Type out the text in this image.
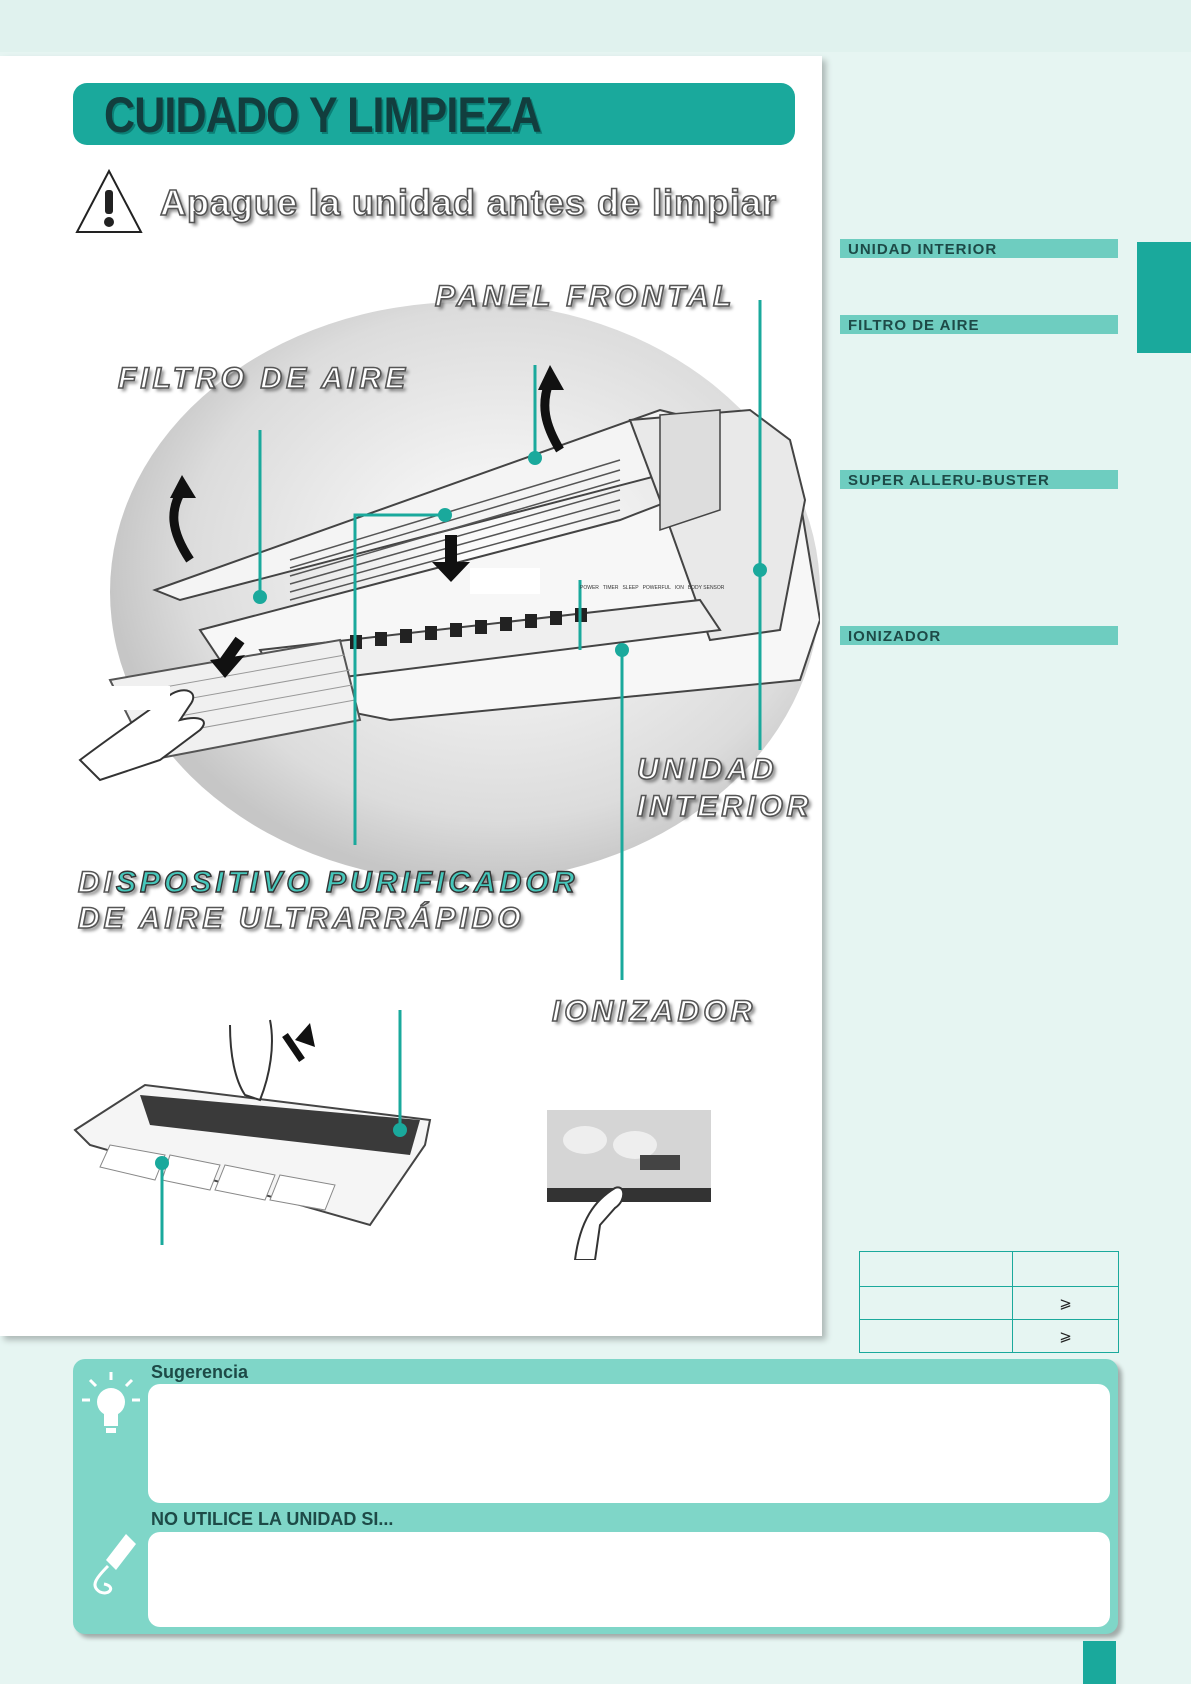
CUIDADO Y LIMPIEZA
Apague la unidad antes de limpiar
POWER TIMER SLEEP POWERFUL ION BODY SENSOR
PANEL FRONTAL
FILTRO DE AIRE
UNIDAD
INTERIOR
DISPOSITIVO PURIFICADOR
DE AIRE ULTRARRÁPIDO
IONIZADOR
UNIDAD INTERIOR
FILTRO DE AIRE
SUPER ALLERU-BUSTER
IONIZADOR

	⩾
	⩾
Sugerencia
NO UTILICE LA UNIDAD SI...
